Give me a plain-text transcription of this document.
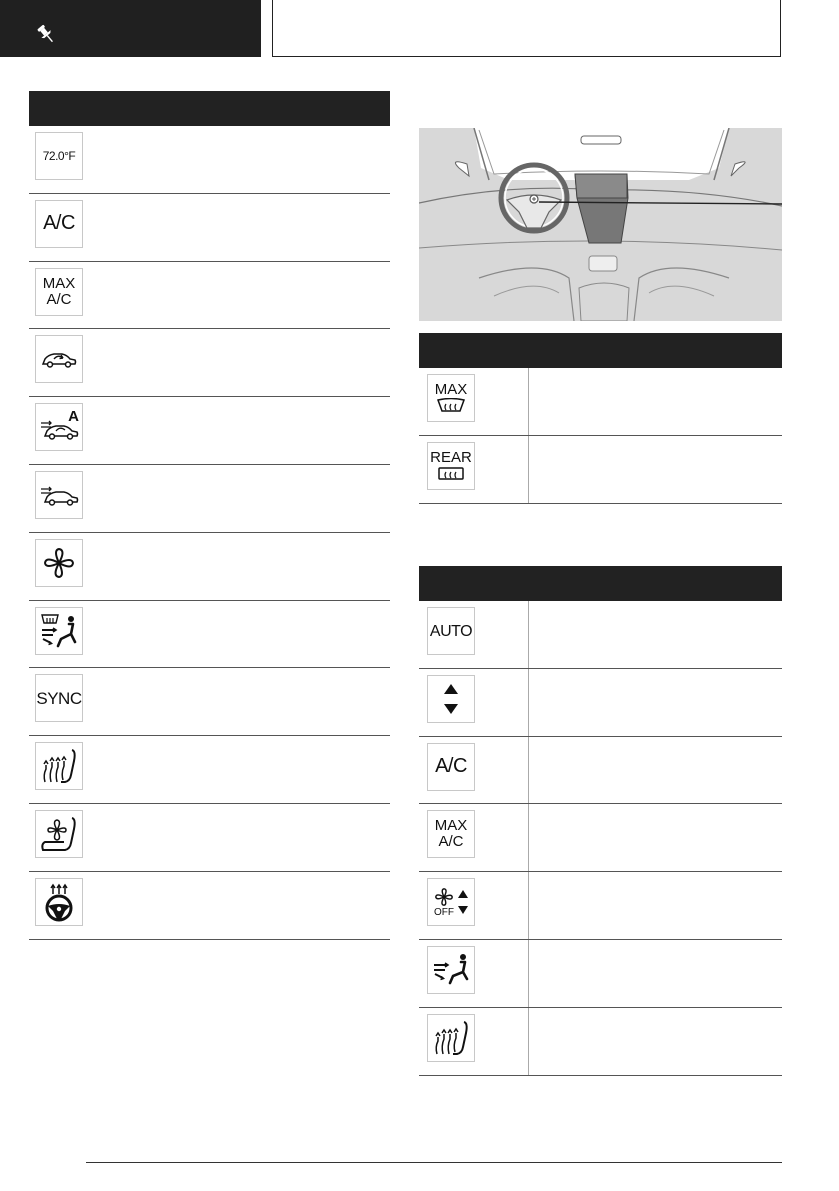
72.0°F
A/C
MAX
A/C
A
SYNC
MAX
REAR
AUTO
A/C
MAX
A/C
OFF
